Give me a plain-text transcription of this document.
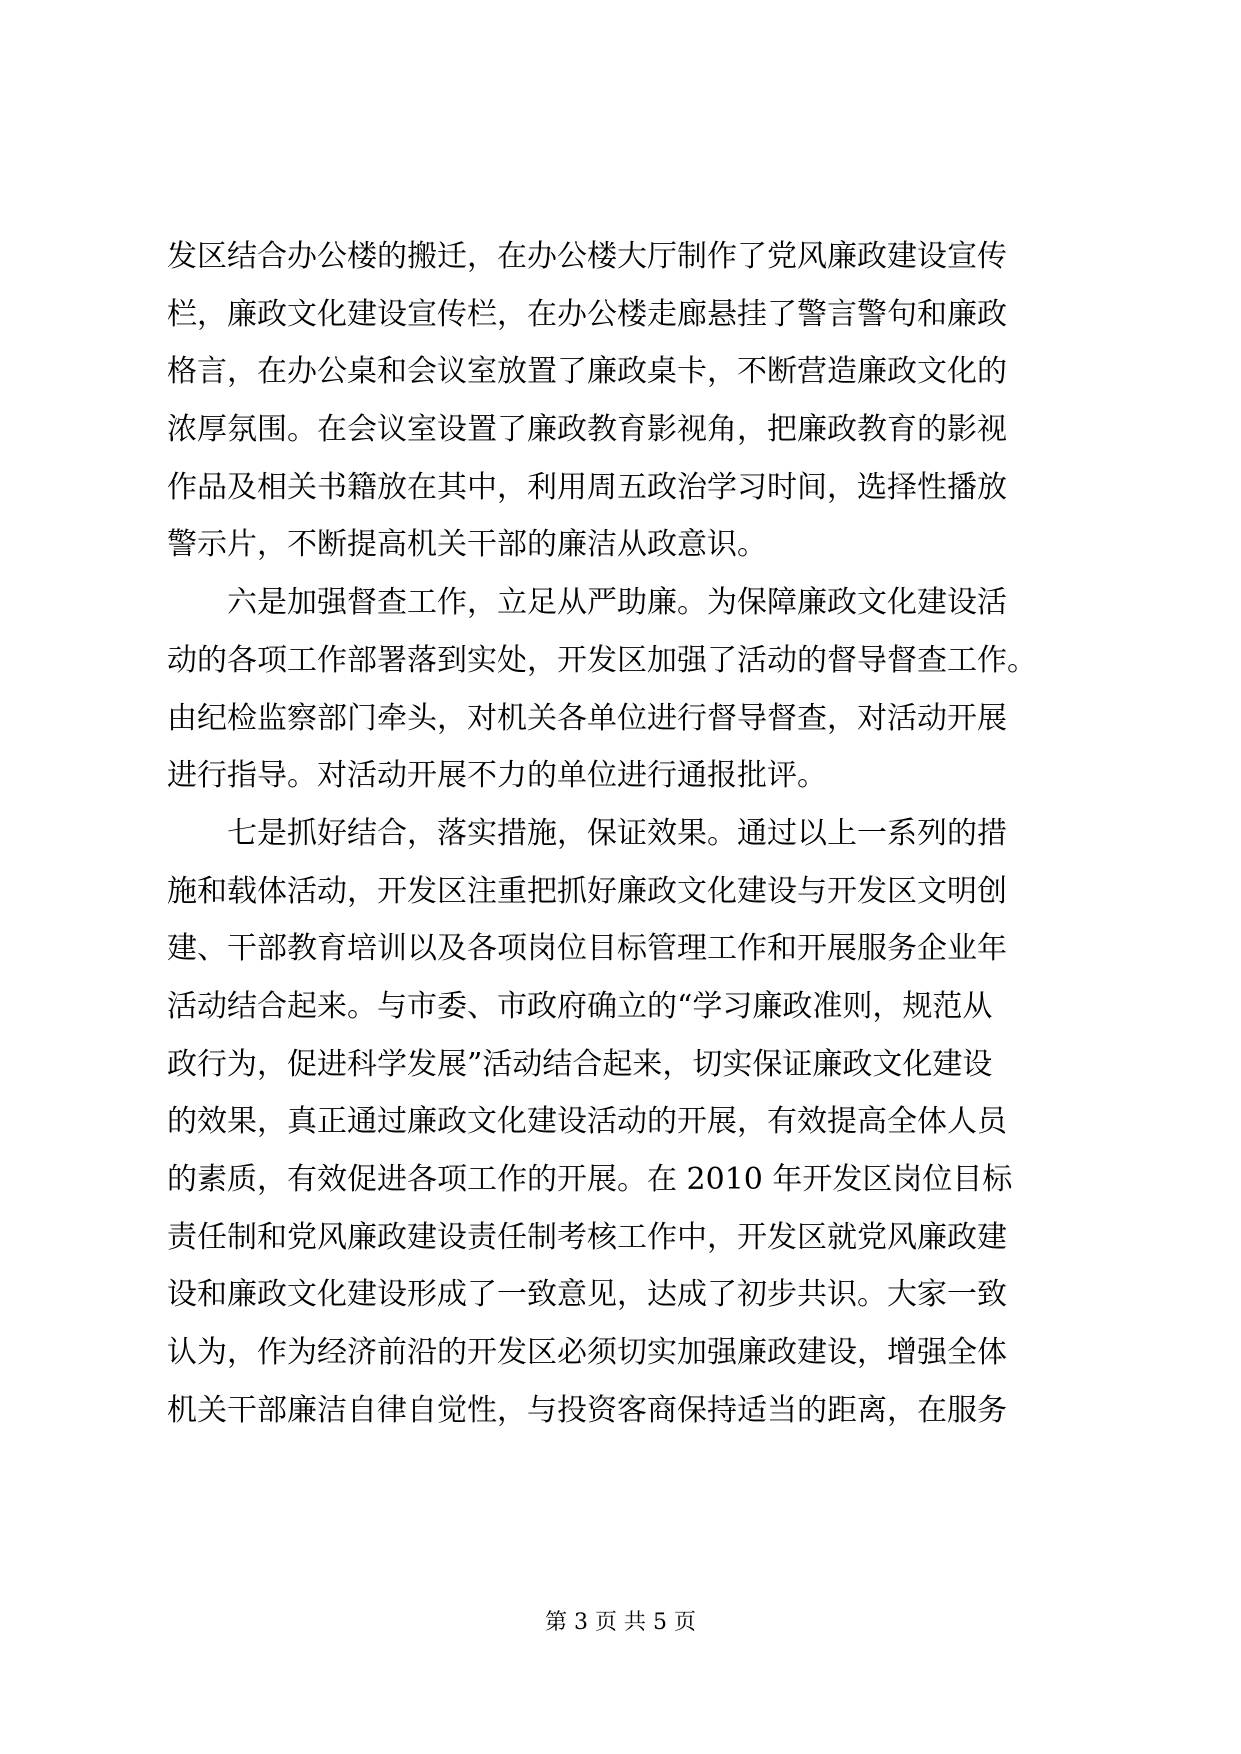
发区结合办公楼的搬迁，在办公楼大厅制作了党风廉政建设宣传
栏，廉政文化建设宣传栏，在办公楼走廊悬挂了警言警句和廉政
格言，在办公桌和会议室放置了廉政桌卡，不断营造廉政文化的
浓厚氛围。在会议室设置了廉政教育影视角，把廉政教育的影视
作品及相关书籍放在其中，利用周五政治学习时间，选择性播放
警示片，不断提高机关干部的廉洁从政意识。
六是加强督查工作，立足从严助廉。为保障廉政文化建设活
动的各项工作部署落到实处，开发区加强了活动的督导督查工作。
由纪检监察部门牵头，对机关各单位进行督导督查，对活动开展
进行指导。对活动开展不力的单位进行通报批评。
七是抓好结合，落实措施，保证效果。通过以上一系列的措
施和载体活动，开发区注重把抓好廉政文化建设与开发区文明创
建、干部教育培训以及各项岗位目标管理工作和开展服务企业年
活动结合起来。与市委、市政府确立的“学习廉政准则，规范从
政行为，促进科学发展”活动结合起来，切实保证廉政文化建设
的效果，真正通过廉政文化建设活动的开展，有效提高全体人员
的素质，有效促进各项工作的开展。在 2010 年开发区岗位目标
责任制和党风廉政建设责任制考核工作中，开发区就党风廉政建
设和廉政文化建设形成了一致意见，达成了初步共识。大家一致
认为，作为经济前沿的开发区必须切实加强廉政建设，增强全体
机关干部廉洁自律自觉性，与投资客商保持适当的距离，在服务
第 3 页 共 5 页
